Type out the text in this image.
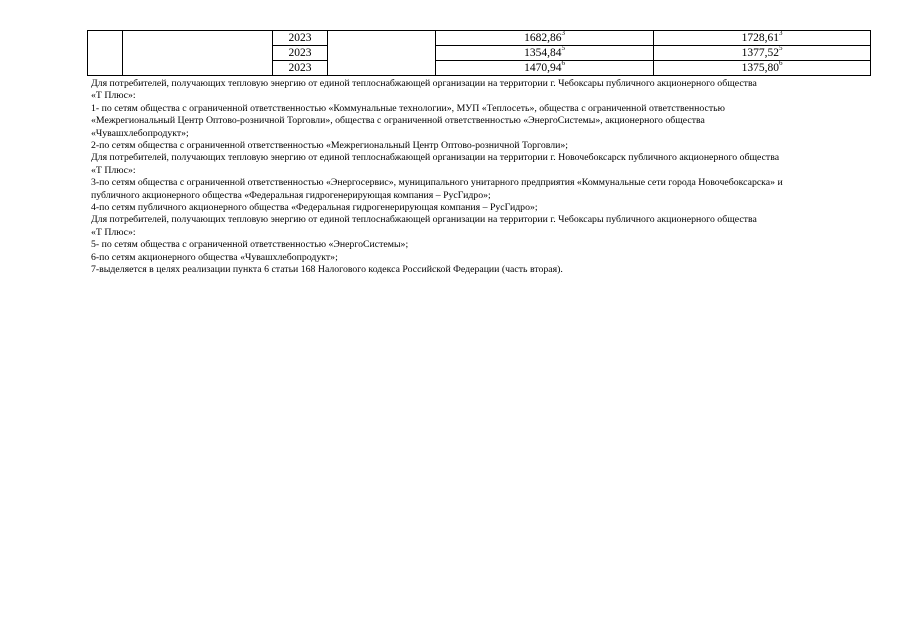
		2023		1682,86$^3$	1728,61$^3$
		2023		1354,84$^5$	1377,52$^5$
		2023		1470,94$^6$	1375,80$^6$

Для потребителей, получающих тепловую энергию от единой теплоснабжающей организации на территории г. Чебоксары публичного акционерного общества

«Т Плюс»:

1- по сетям общества с ограниченной ответственностью «Коммунальные технологии», МУП «Теплосеть», общества с ограниченной ответственностью

«Межрегиональный Центр Оптово-розничной Торговли», общества с ограниченной ответственностью «ЭнергоСистемы», акционерного общества

«Чувашхлебопродукт»;

2-по сетям общества с ограниченной ответственностью «Межрегиональный Центр Оптово-розничной Торговли»;

Для потребителей, получающих тепловую энергию от единой теплоснабжающей организации на территории г. Новочебоксарск публичного акционерного общества

«Т Плюс»:

3-по сетям общества с ограниченной ответственностью «Энергосервис», муниципального унитарного предприятия «Коммунальные сети города Новочебоксарска» и

публичного акционерного общества «Федеральная гидрогенерирующая компания – РусГидро»;

4-по сетям публичного акционерного общества «Федеральная гидрогенерирующая компания – РусГидро»;

Для потребителей, получающих тепловую энергию от единой теплоснабжающей организации на территории г. Чебоксары публичного акционерного общества

«Т Плюс»:

5- по сетям общества с ограниченной ответственностью «ЭнергоСистемы»;

6-по сетям акционерного общества «Чувашхлебопродукт»;

7-выделяется в целях реализации пункта 6 статьи 168 Налогового кодекса Российской Федерации (часть вторая).
